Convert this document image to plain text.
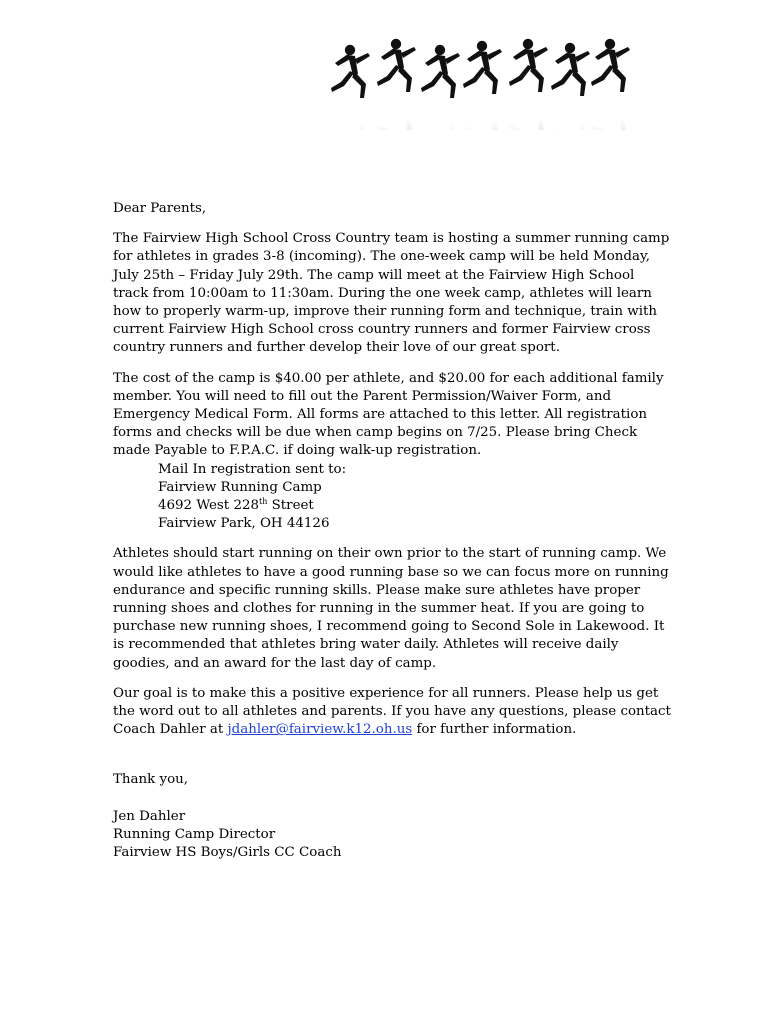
Dear Parents,

The Fairview High School Cross Country team is hosting a summer running camp for athletes in grades 3-8 (incoming). The one-week camp will be held Monday, July 25th – Friday July 29th. The camp will meet at the Fairview High School track from 10:00am to 11:30am. During the one week camp, athletes will learn how to properly warm-up, improve their running form and technique, train with current Fairview High School cross country runners and former Fairview cross country runners and further develop their love of our great sport.

The cost of the camp is $40.00 per athlete, and $20.00 for each additional family member. You will need to fill out the Parent Permission/Waiver Form, and Emergency Medical Form. All forms are attached to this letter. All registration forms and checks will be due when camp begins on 7/25. Please bring Check made Payable to F.P.A.C. if doing walk-up registration.

Mail In registration sent to:
Fairview Running Camp
4692 West 228th Street
Fairview Park, OH 44126

Athletes should start running on their own prior to the start of running camp. We would like athletes to have a good running base so we can focus more on running endurance and specific running skills. Please make sure athletes have proper running shoes and clothes for running in the summer heat. If you are going to purchase new running shoes, I recommend going to Second Sole in Lakewood. It is recommended that athletes bring water daily. Athletes will receive daily goodies, and an award for the last day of camp.

Our goal is to make this a positive experience for all runners. Please help us get the word out to all athletes and parents. If you have any questions, please contact Coach Dahler at jdahler@fairview.k12.oh.us for further information.

Thank you,

Jen Dahler
Running Camp Director
Fairview HS Boys/Girls CC Coach
